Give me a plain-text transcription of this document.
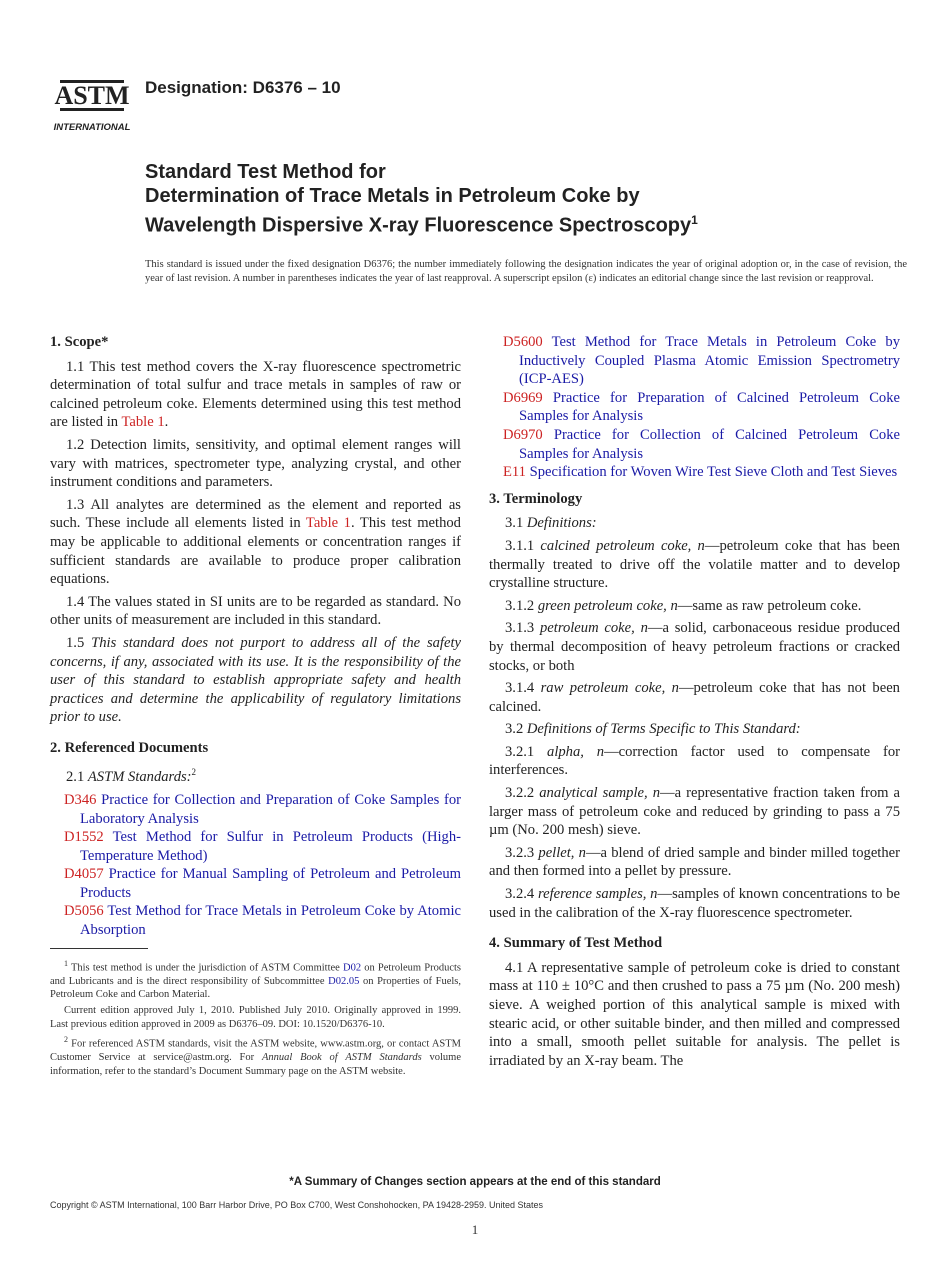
ASTM
INTERNATIONAL
Designation: D6376 – 10
Standard Test Method for
Determination of Trace Metals in Petroleum Coke by
Wavelength Dispersive X-ray Fluorescence Spectroscopy$^1$
This standard is issued under the fixed designation D6376; the number immediately following the designation indicates the year of original adoption or, in the case of revision, the year of last revision. A number in parentheses indicates the year of last reapproval. A superscript epsilon (ε) indicates an editorial change since the last revision or reapproval.
1. Scope*

1.1 This test method covers the X-ray fluorescence spectrometric determination of total sulfur and trace metals in samples of raw or calcined petroleum coke. Elements determined using this test method are listed in Table 1.

1.2 Detection limits, sensitivity, and optimal element ranges will vary with matrices, spectrometer type, analyzing crystal, and other instrument conditions and parameters.

1.3 All analytes are determined as the element and reported as such. These include all elements listed in Table 1. This test method may be applicable to additional elements or concentration ranges if sufficient standards are available to produce proper calibration equations.

1.4 The values stated in SI units are to be regarded as standard. No other units of measurement are included in this standard.

1.5 This standard does not purport to address all of the safety concerns, if any, associated with its use. It is the responsibility of the user of this standard to establish appropriate safety and health practices and determine the applicability of regulatory limitations prior to use.

2. Referenced Documents

2.1 ASTM Standards:$^2$

D346 Practice for Collection and Preparation of Coke Samples for Laboratory Analysis

D1552 Test Method for Sulfur in Petroleum Products (High-Temperature Method)

D4057 Practice for Manual Sampling of Petroleum and Petroleum Products

D5056 Test Method for Trace Metals in Petroleum Coke by Atomic Absorption

$^1$ This test method is under the jurisdiction of ASTM Committee D02 on Petroleum Products and Lubricants and is the direct responsibility of Subcommittee D02.05 on Properties of Fuels, Petroleum Coke and Carbon Material.

Current edition approved July 1, 2010. Published July 2010. Originally approved in 1999. Last previous edition approved in 2009 as D6376–09. DOI: 10.1520/D6376-10.

$^2$ For referenced ASTM standards, visit the ASTM website, www.astm.org, or contact ASTM Customer Service at service@astm.org. For Annual Book of ASTM Standards volume information, refer to the standard’s Document Summary page on the ASTM website.

D5600 Test Method for Trace Metals in Petroleum Coke by Inductively Coupled Plasma Atomic Emission Spectrometry (ICP-AES)

D6969 Practice for Preparation of Calcined Petroleum Coke Samples for Analysis

D6970 Practice for Collection of Calcined Petroleum Coke Samples for Analysis

E11 Specification for Woven Wire Test Sieve Cloth and Test Sieves

3. Terminology

3.1 Definitions:

3.1.1 calcined petroleum coke, n—petroleum coke that has been thermally treated to drive off the volatile matter and to develop crystalline structure.

3.1.2 green petroleum coke, n—same as raw petroleum coke.

3.1.3 petroleum coke, n—a solid, carbonaceous residue produced by thermal decomposition of heavy petroleum fractions or cracked stocks, or both

3.1.4 raw petroleum coke, n—petroleum coke that has not been calcined.

3.2 Definitions of Terms Specific to This Standard:

3.2.1 alpha, n—correction factor used to compensate for interferences.

3.2.2 analytical sample, n—a representative fraction taken from a larger mass of petroleum coke and reduced by grinding to pass a 75 µm (No. 200 mesh) sieve.

3.2.3 pellet, n—a blend of dried sample and binder milled together and then formed into a pellet by pressure.

3.2.4 reference samples, n—samples of known concentrations to be used in the calibration of the X-ray fluorescence spectrometer.

4. Summary of Test Method

4.1 A representative sample of petroleum coke is dried to constant mass at 110 ± 10°C and then crushed to pass a 75 µm (No. 200 mesh) sieve. A weighed portion of this analytical sample is mixed with stearic acid, or other suitable binder, and then milled and compressed into a small, smooth pellet suitable for analysis. The pellet is irradiated by an X-ray beam. The

*A Summary of Changes section appears at the end of this standard
Copyright © ASTM International, 100 Barr Harbor Drive, PO Box C700, West Conshohocken, PA 19428-2959. United States
1
